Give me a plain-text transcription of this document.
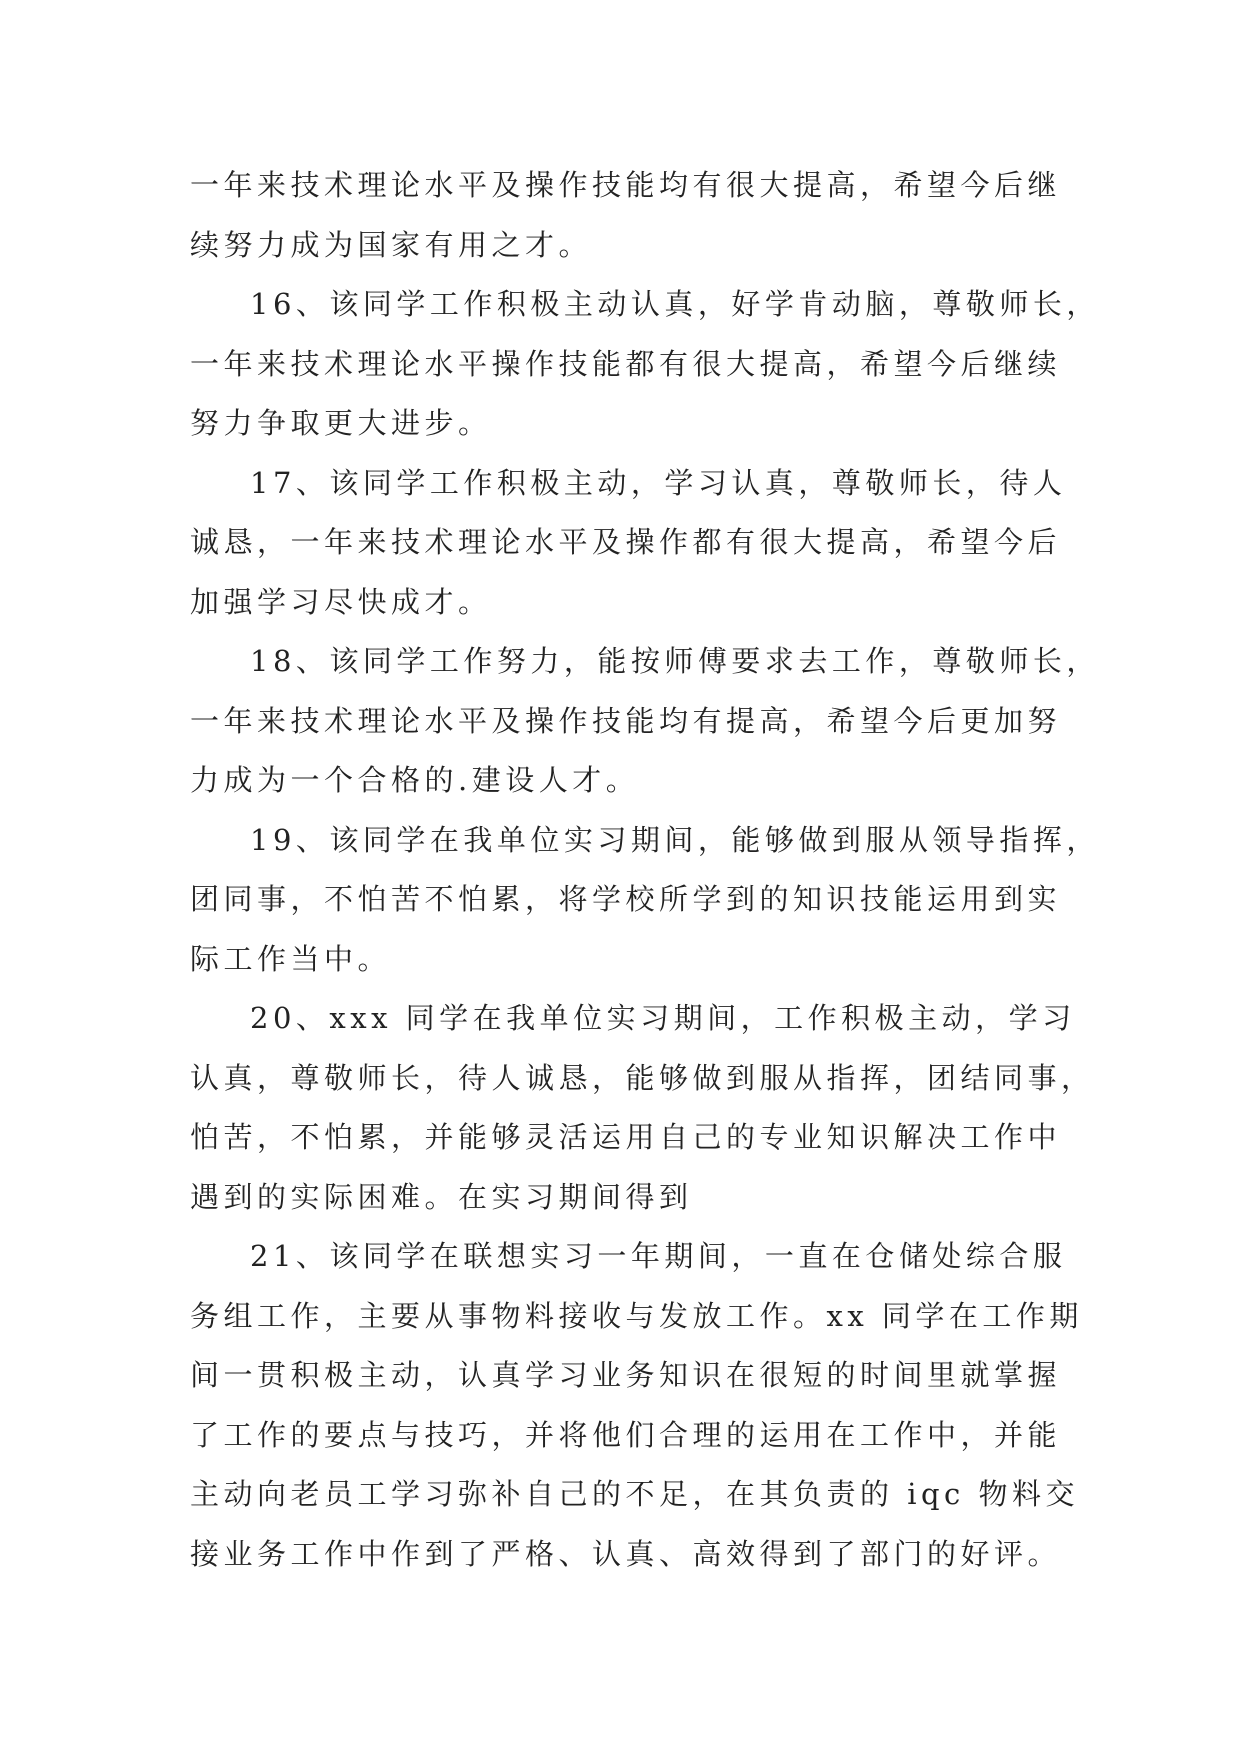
一年来技术理论水平及操作技能均有很大提高，希望今后继
续努力成为国家有用之才。

16、该同学工作积极主动认真，好学肯动脑，尊敬师长，
一年来技术理论水平操作技能都有很大提高，希望今后继续
努力争取更大进步。

17、该同学工作积极主动，学习认真，尊敬师长，待人
诚恳，一年来技术理论水平及操作都有很大提高，希望今后
加强学习尽快成才。

18、该同学工作努力，能按师傅要求去工作，尊敬师长，
一年来技术理论水平及操作技能均有提高，希望今后更加努
力成为一个合格的.建设人才。

19、该同学在我单位实习期间，能够做到服从领导指挥，
团同事，不怕苦不怕累，将学校所学到的知识技能运用到实
际工作当中。

20、xxx 同学在我单位实习期间，工作积极主动，学习
认真，尊敬师长，待人诚恳，能够做到服从指挥，团结同事，
怕苦，不怕累，并能够灵活运用自己的专业知识解决工作中
遇到的实际困难。在实习期间得到

21、该同学在联想实习一年期间，一直在仓储处综合服
务组工作，主要从事物料接收与发放工作。xx 同学在工作期
间一贯积极主动，认真学习业务知识在很短的时间里就掌握
了工作的要点与技巧，并将他们合理的运用在工作中，并能
主动向老员工学习弥补自己的不足，在其负责的 iqc 物料交
接业务工作中作到了严格、认真、高效得到了部门的好评。
